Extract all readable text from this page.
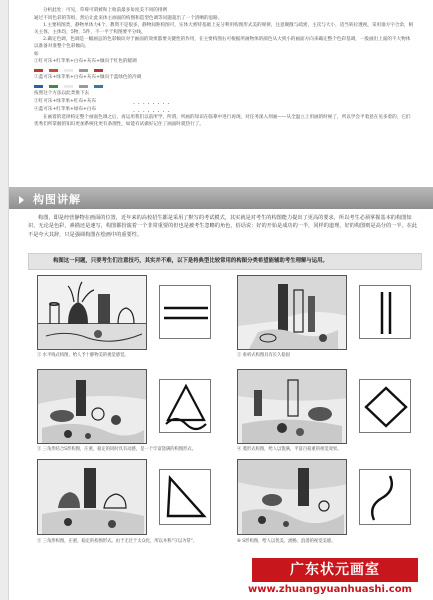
分析此处：可见，草莓可谓被和上收前最多角度美不同的排例

通过不同色彩的等组，然后让此来体主画面的构图和造型色调等问题超出了一个清晰的思路。

1.主要构图类，静物单体力4个，教资不是很多，静物间距构图可，实体大密特基础上充分利用构图形式美的规律，注意聚散与疏密，主次与大小，适当转拉透视，采用谁方字合余，相关主体，主体均，5物，5件，不一平于构图要平分线。

2.确定色调，色调是一幅画总的色彩倾向对于画面的效果都要关键性的作用，在主要构图右可根据所画物体的颜色从大到小的画面方向来确定整个色彩基调，一般画出上面的不大物体以准备对准整个色彩倾向。

如

①红可乐+红苹果+白布+灰布+倾向于红色的暖调
②蓝可乐+绿苹果+白布+灰布+倾向于蓝绿色的冷调
按照这个方法以此类推下去
③红可乐+绿苹果+红布+灰布	........
④蓝可乐+红苹果+绿布+白布	........

在画着的选择构定整个画面色调之后，再运用我们以前所学，所谓，所画的知识在临摹中进行再现，对任务深入刻画——从全温立上用画的时候了，所以学会平着意在见多着的，它们优秀们所掌握的知识更加系统化更有条理性，如能有试做好记住了画面时就热行了。

构图讲解

构图，即是经营静物在画面的位置，近年来的高校招生都是采用了默写的考试模式，其实就是对考生的构图能力提出了更高的要求，所以考生必须掌握基本的构图知识，无论是色彩，素描还是速写，构图都扮演着一个非常重要的但也是被考生忽略的角色，俗话说：好的开始是成功的一半，同样的道理，好的构图则是高分的一半，在此不是夸大其辞，只是强调构图在绘画中的重要性。

构图这一问题，只要考生们注意技巧，其实并不难，以下是将典型比较常用的构图分类希望能辅助考生理解与运用。
① 水平线式构图，给人予十静物美的视觉感觉。	② 垂析式构图具有长久稳固
③ 三角形结合S形构图，庄重，稳定的同时具有动感，是一个牢富饶满的构图形式。	④ 菱形式构图，给人以饱满，平富百稳重的视觉效果。
⑤ 三角形构图，庄重，稳定的构图形式。由于无过于太众化，所以并称"守以为常"。	⑥ S形构图，给人以优美，流畅，浪漫的视觉美感。
广东状元画室
www.zhuangyuanhuashi.com
